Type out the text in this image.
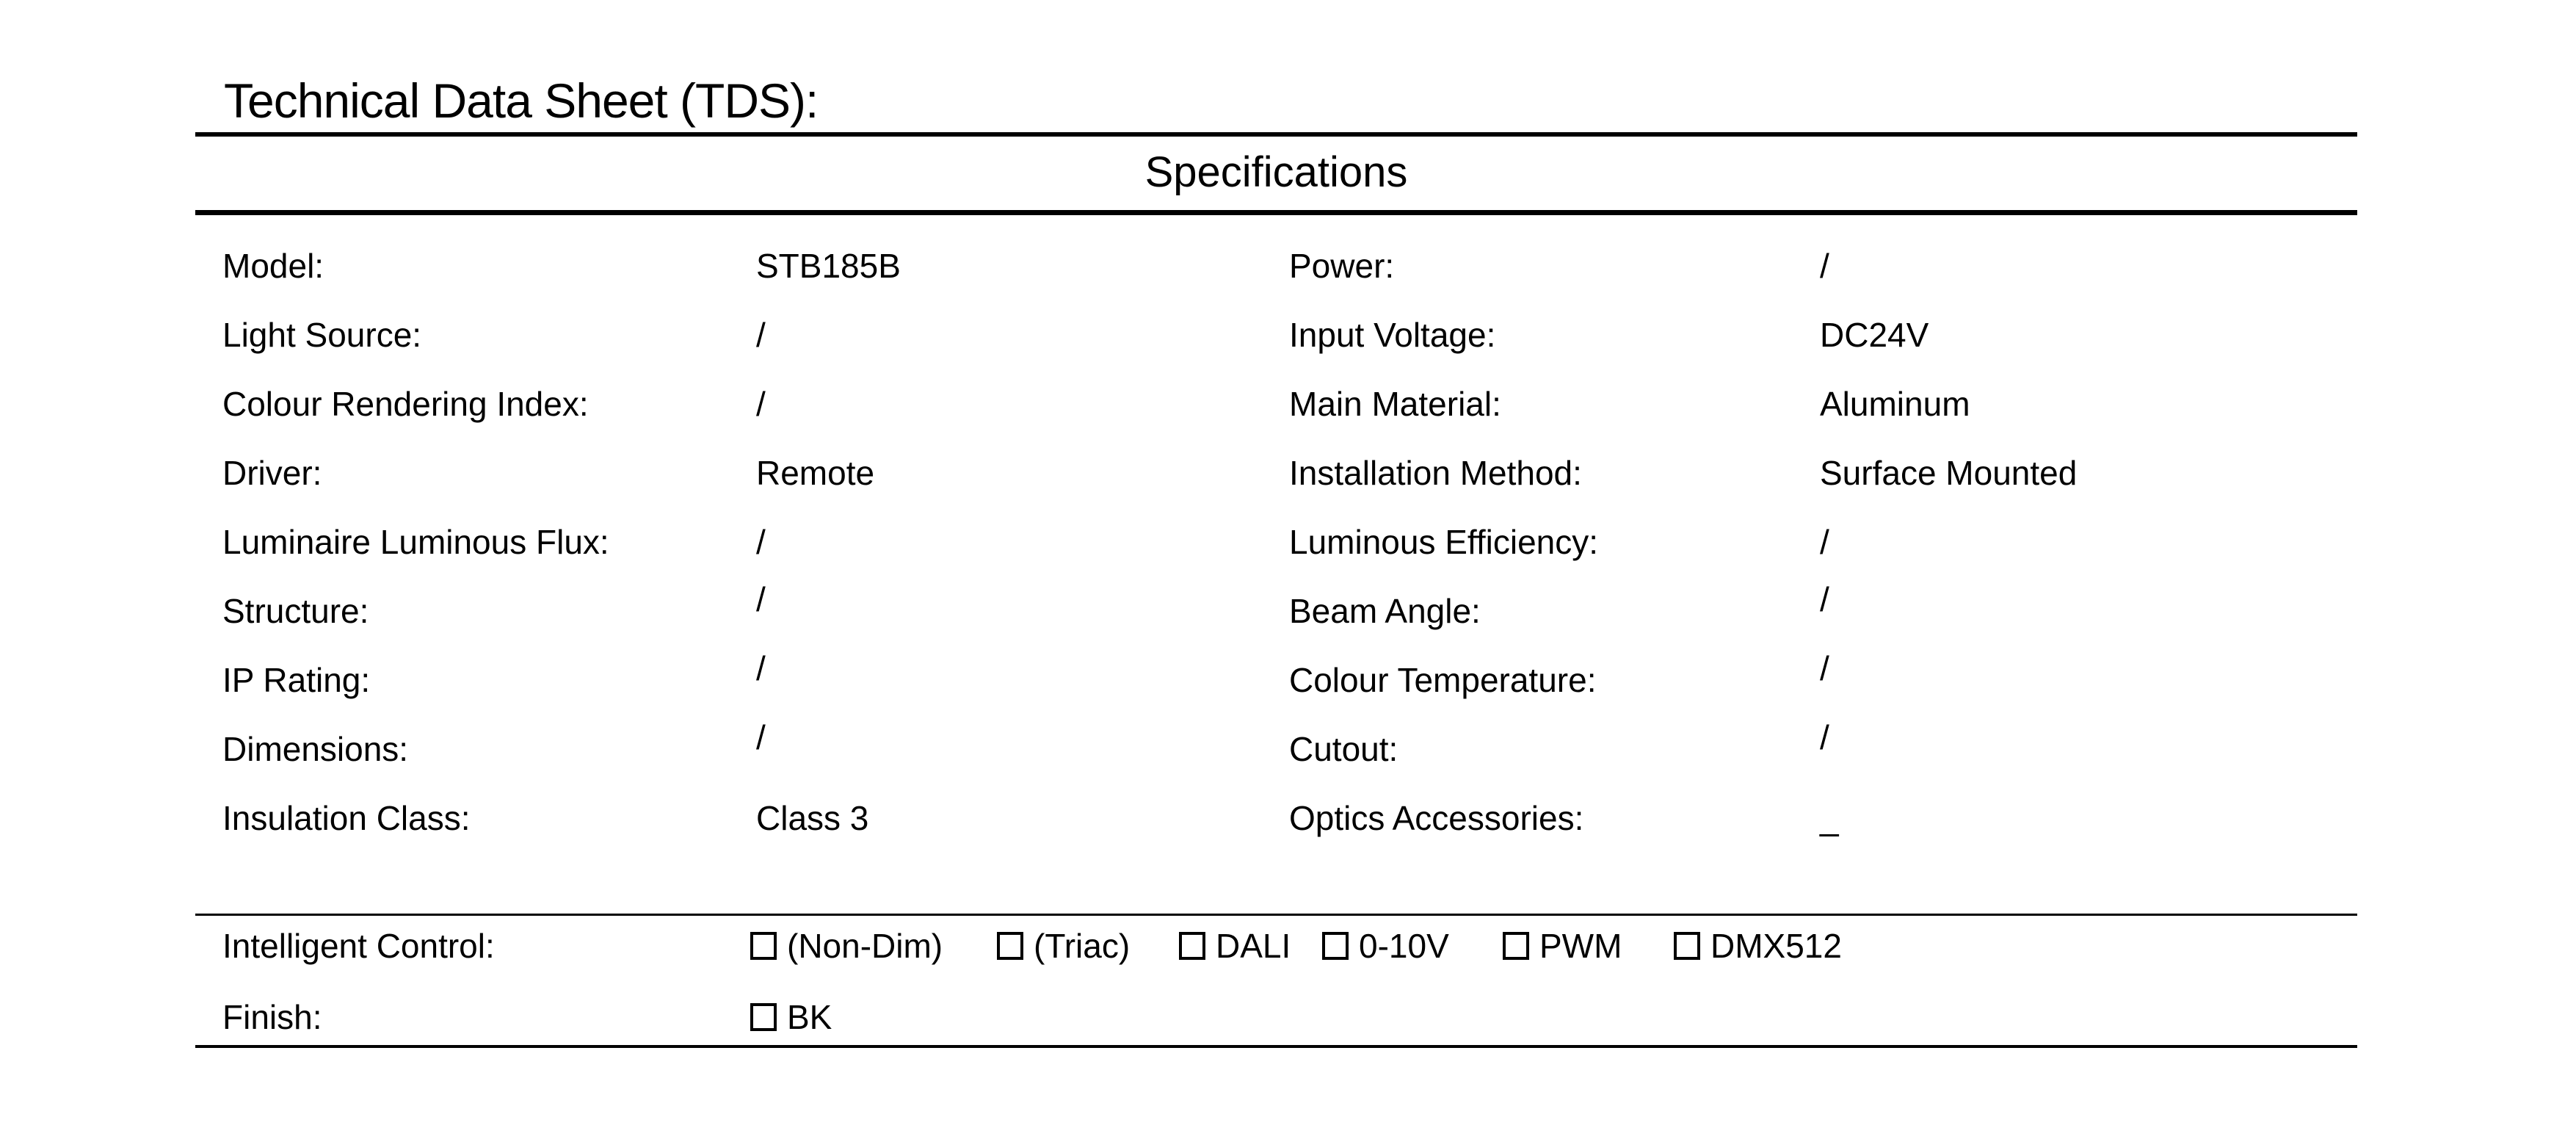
Technical Data Sheet (TDS):
Specifications
Model:	STB185B	Power:	/
Light Source:	/	Input Voltage:	DC24V
Colour Rendering Index:	/	Main Material:	Aluminum
Driver:	Remote	Installation Method:	Surface Mounted
Luminaire Luminous Flux:	/	Luminous Efficiency:	/
Structure:	/	Beam Angle:	/
IP Rating:	/	Colour Temperature:	/
Dimensions:	/	Cutout:	/
Insulation Class:	Class 3	Optics Accessories:	_
Intelligent Control:	(Non-Dim)	(Triac)	DALI 0-10V	PWM	DMX512
Finish:	BK
